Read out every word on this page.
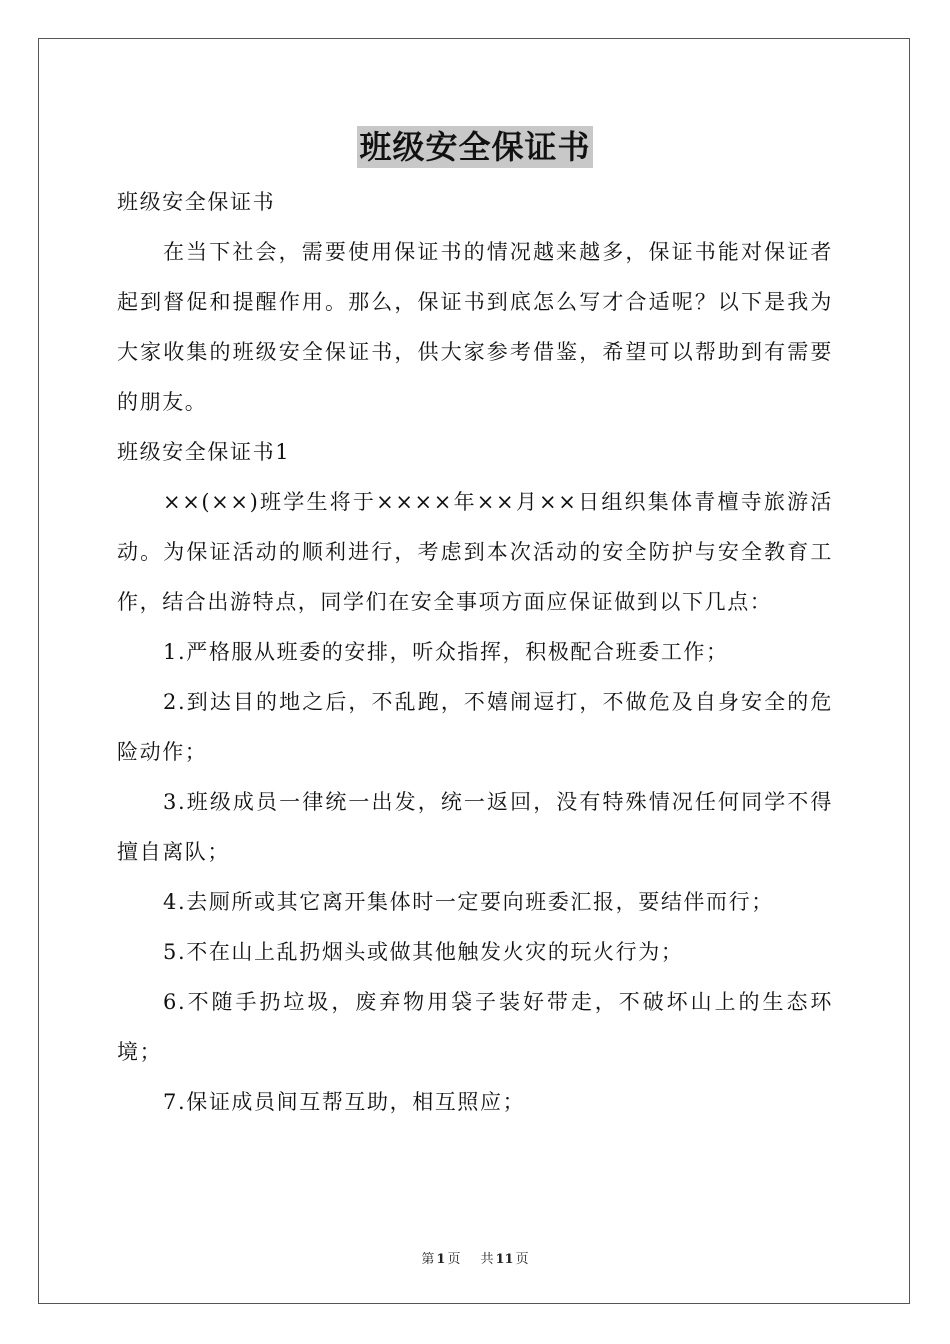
班级安全保证书

班级安全保证书

在当下社会，需要使用保证书的情况越来越多，保证书能对保证者起到督促和提醒作用。那么，保证书到底怎么写才合适呢？以下是我为大家收集的班级安全保证书，供大家参考借鉴，希望可以帮助到有需要的朋友。

班级安全保证书1

××(××)班学生将于××××年××月××日组织集体青檀寺旅游活动。为保证活动的顺利进行，考虑到本次活动的安全防护与安全教育工作，结合出游特点，同学们在安全事项方面应保证做到以下几点：

1.严格服从班委的安排，听众指挥，积极配合班委工作；

2.到达目的地之后，不乱跑，不嬉闹逗打，不做危及自身安全的危险动作；

3.班级成员一律统一出发，统一返回，没有特殊情况任何同学不得擅自离队；

4.去厕所或其它离开集体时一定要向班委汇报，要结伴而行；

5.不在山上乱扔烟头或做其他触发火灾的玩火行为；

6.不随手扔垃圾，废弃物用袋子装好带走，不破坏山上的生态环境；

7.保证成员间互帮互助，相互照应；

第 1 页 共 11 页
